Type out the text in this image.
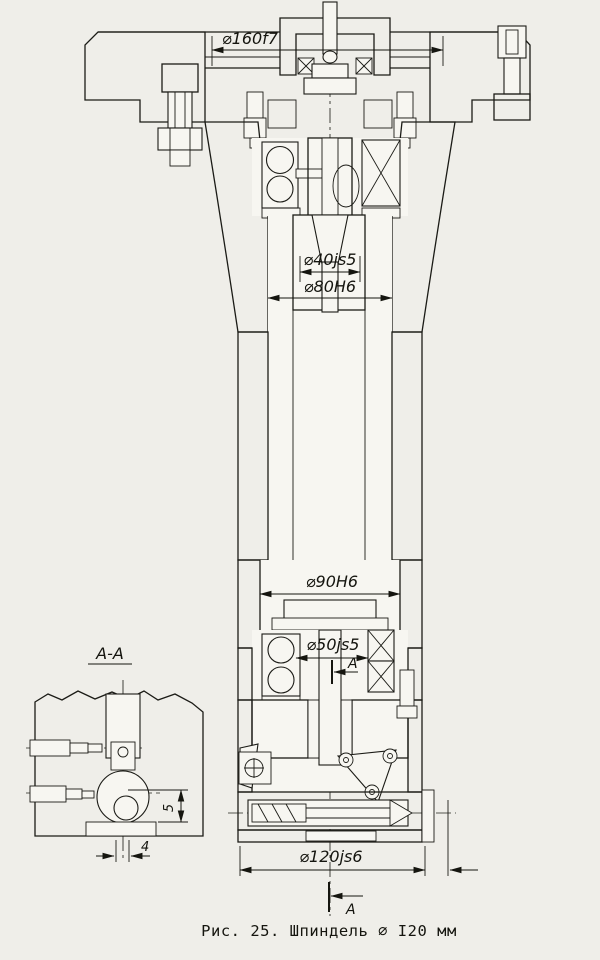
⌀160f7
⌀40js5
⌀80Н6
⌀90Н6
⌀50js5
А
⌀120js6
А
А-А
5
4
Рис. 25. Шпиндель ⌀ I20 мм
